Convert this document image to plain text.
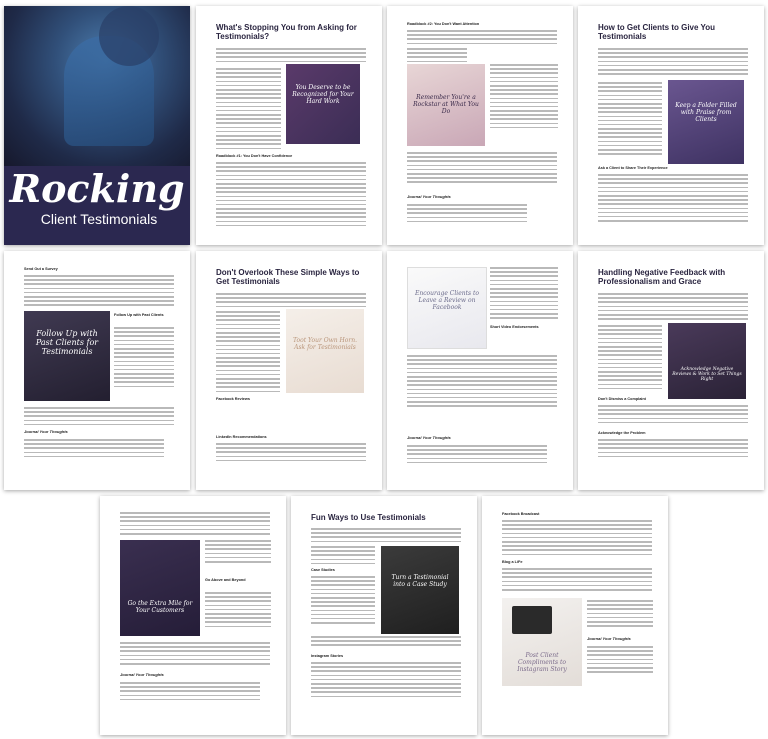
Rocking
Client Testimonials
What's Stopping You from Asking for Testimonials?
You Deserve to be Recognized for Your Hard Work
Roadblock #1: You Don't Have Confidence
Roadblock #2: You Don't Want Attention
Remember You're a Rockstar at What You Do
Journal Your Thoughts
How to Get Clients to Give You Testimonials
Keep a Folder Filled with Praise from Clients
Ask a Client to Share Their Experience
Send Out a Survey
Follow Up with Past Clients for Testimonials
Follow Up with Past Clients
Journal Your Thoughts
Don't Overlook These Simple Ways to Get Testimonials
Toot Your Own Horn. Ask for Testimonials
Facebook Reviews
LinkedIn Recommendations
Encourage Clients to Leave a Review on Facebook
Short Video Endorsements
Journal Your Thoughts
Handling Negative Feedback with Professionalism and Grace
Acknowledge Negative Reviews & Work to Set Things Right
Don't Dismiss a Complaint
Acknowledge the Problem
Go the Extra Mile for Your Customers
Go Above and Beyond
Journal Your Thoughts
Fun Ways to Use Testimonials
Case Studies
Turn a Testimonial into a Case Study
Instagram Stories
Facebook Broadcast
Blog a LiFe
Post Client Compliments to Instagram Story
Journal Your Thoughts
